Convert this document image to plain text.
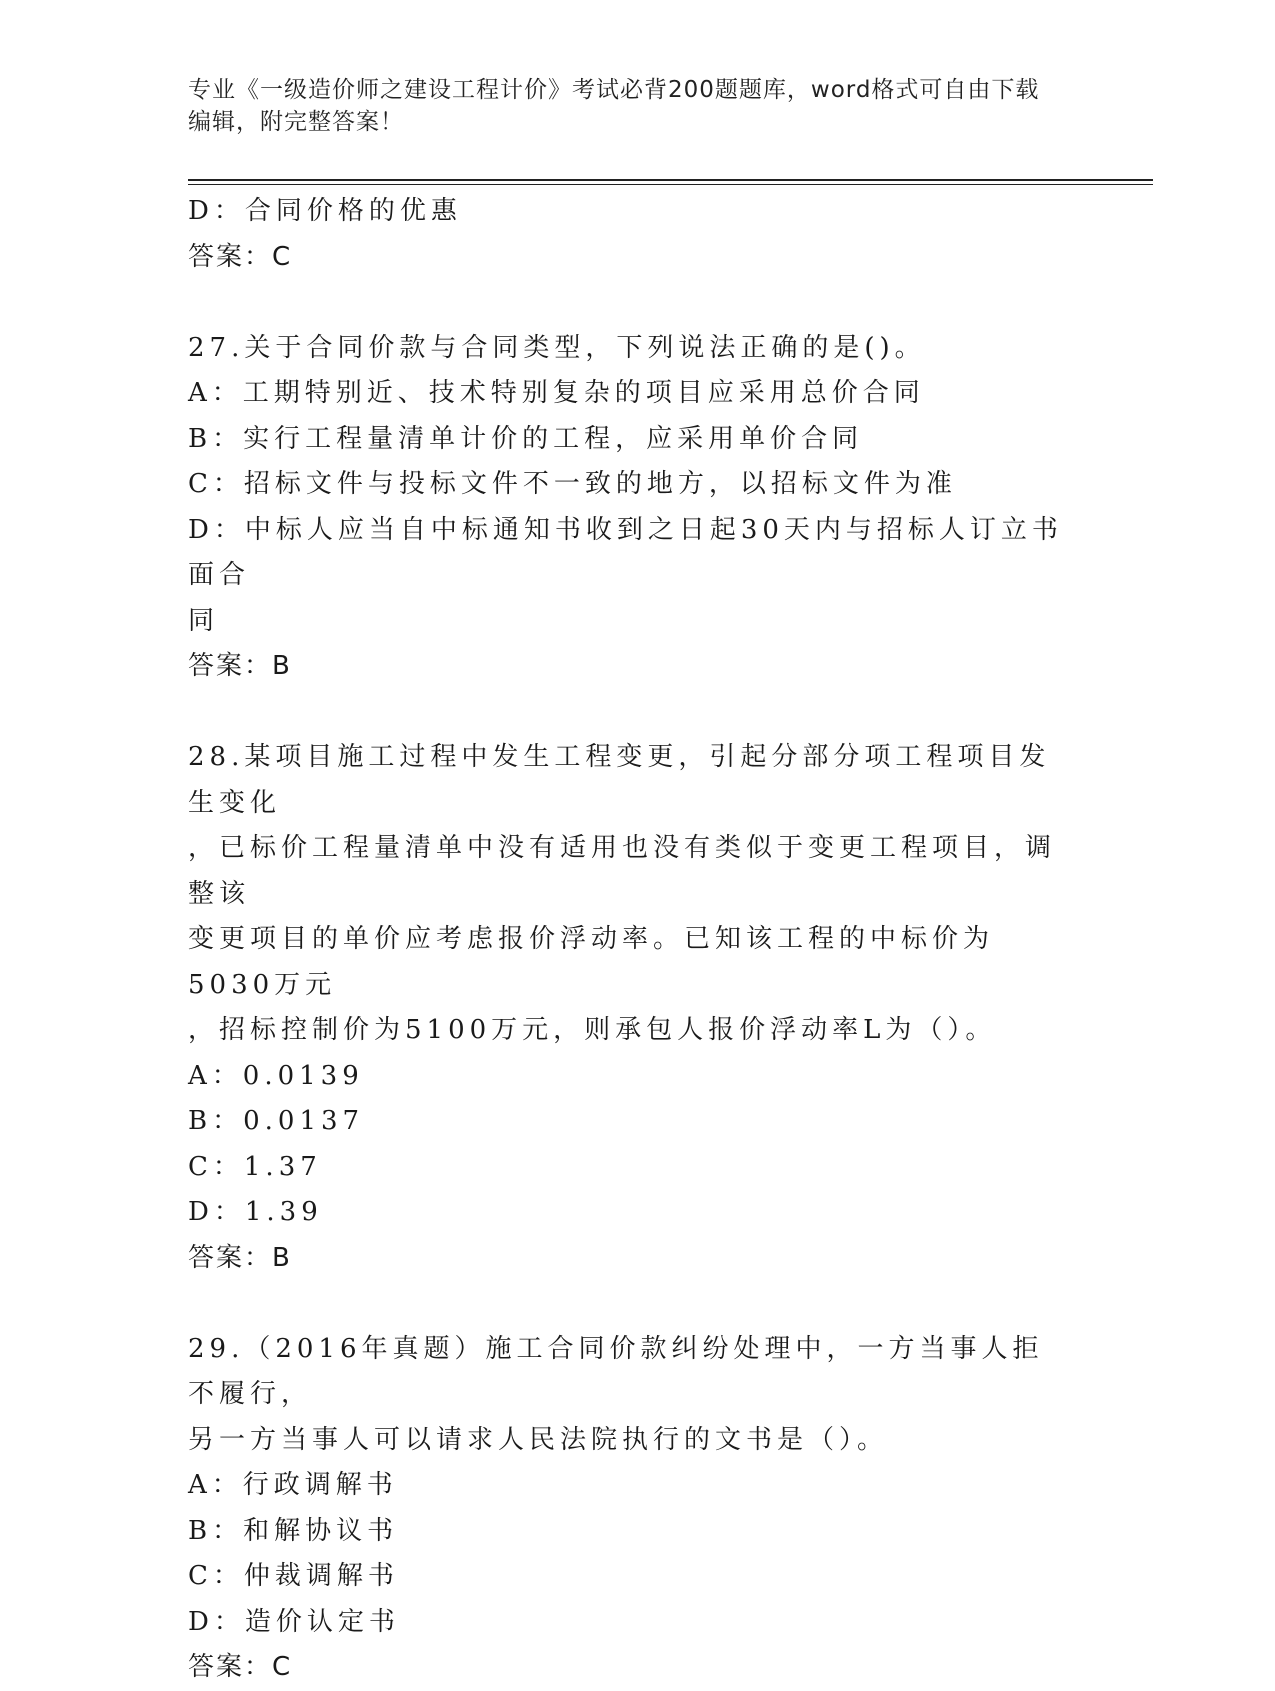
专业《一级造价师之建设工程计价》考试必背200题题库，word格式可自由下载
编辑，附完整答案！
D：合同价格的优惠
答案：C
27.关于合同价款与合同类型，下列说法正确的是()。
A：工期特别近、技术特别复杂的项目应采用总价合同
B：实行工程量清单计价的工程，应采用单价合同
C：招标文件与投标文件不一致的地方，以招标文件为准
D：中标人应当自中标通知书收到之日起30天内与招标人订立书面合
同
答案：B
28.某项目施工过程中发生工程变更，引起分部分项工程项目发生变化
，已标价工程量清单中没有适用也没有类似于变更工程项目，调整该
变更项目的单价应考虑报价浮动率。已知该工程的中标价为5030万元
，招标控制价为5100万元，则承包人报价浮动率L为（）。
A：0.0139
B：0.0137
C：1.37
D：1.39
答案：B
29.（2016年真题）施工合同价款纠纷处理中，一方当事人拒不履行，
另一方当事人可以请求人民法院执行的文书是（）。
A：行政调解书
B：和解协议书
C：仲裁调解书
D：造价认定书
答案：C
